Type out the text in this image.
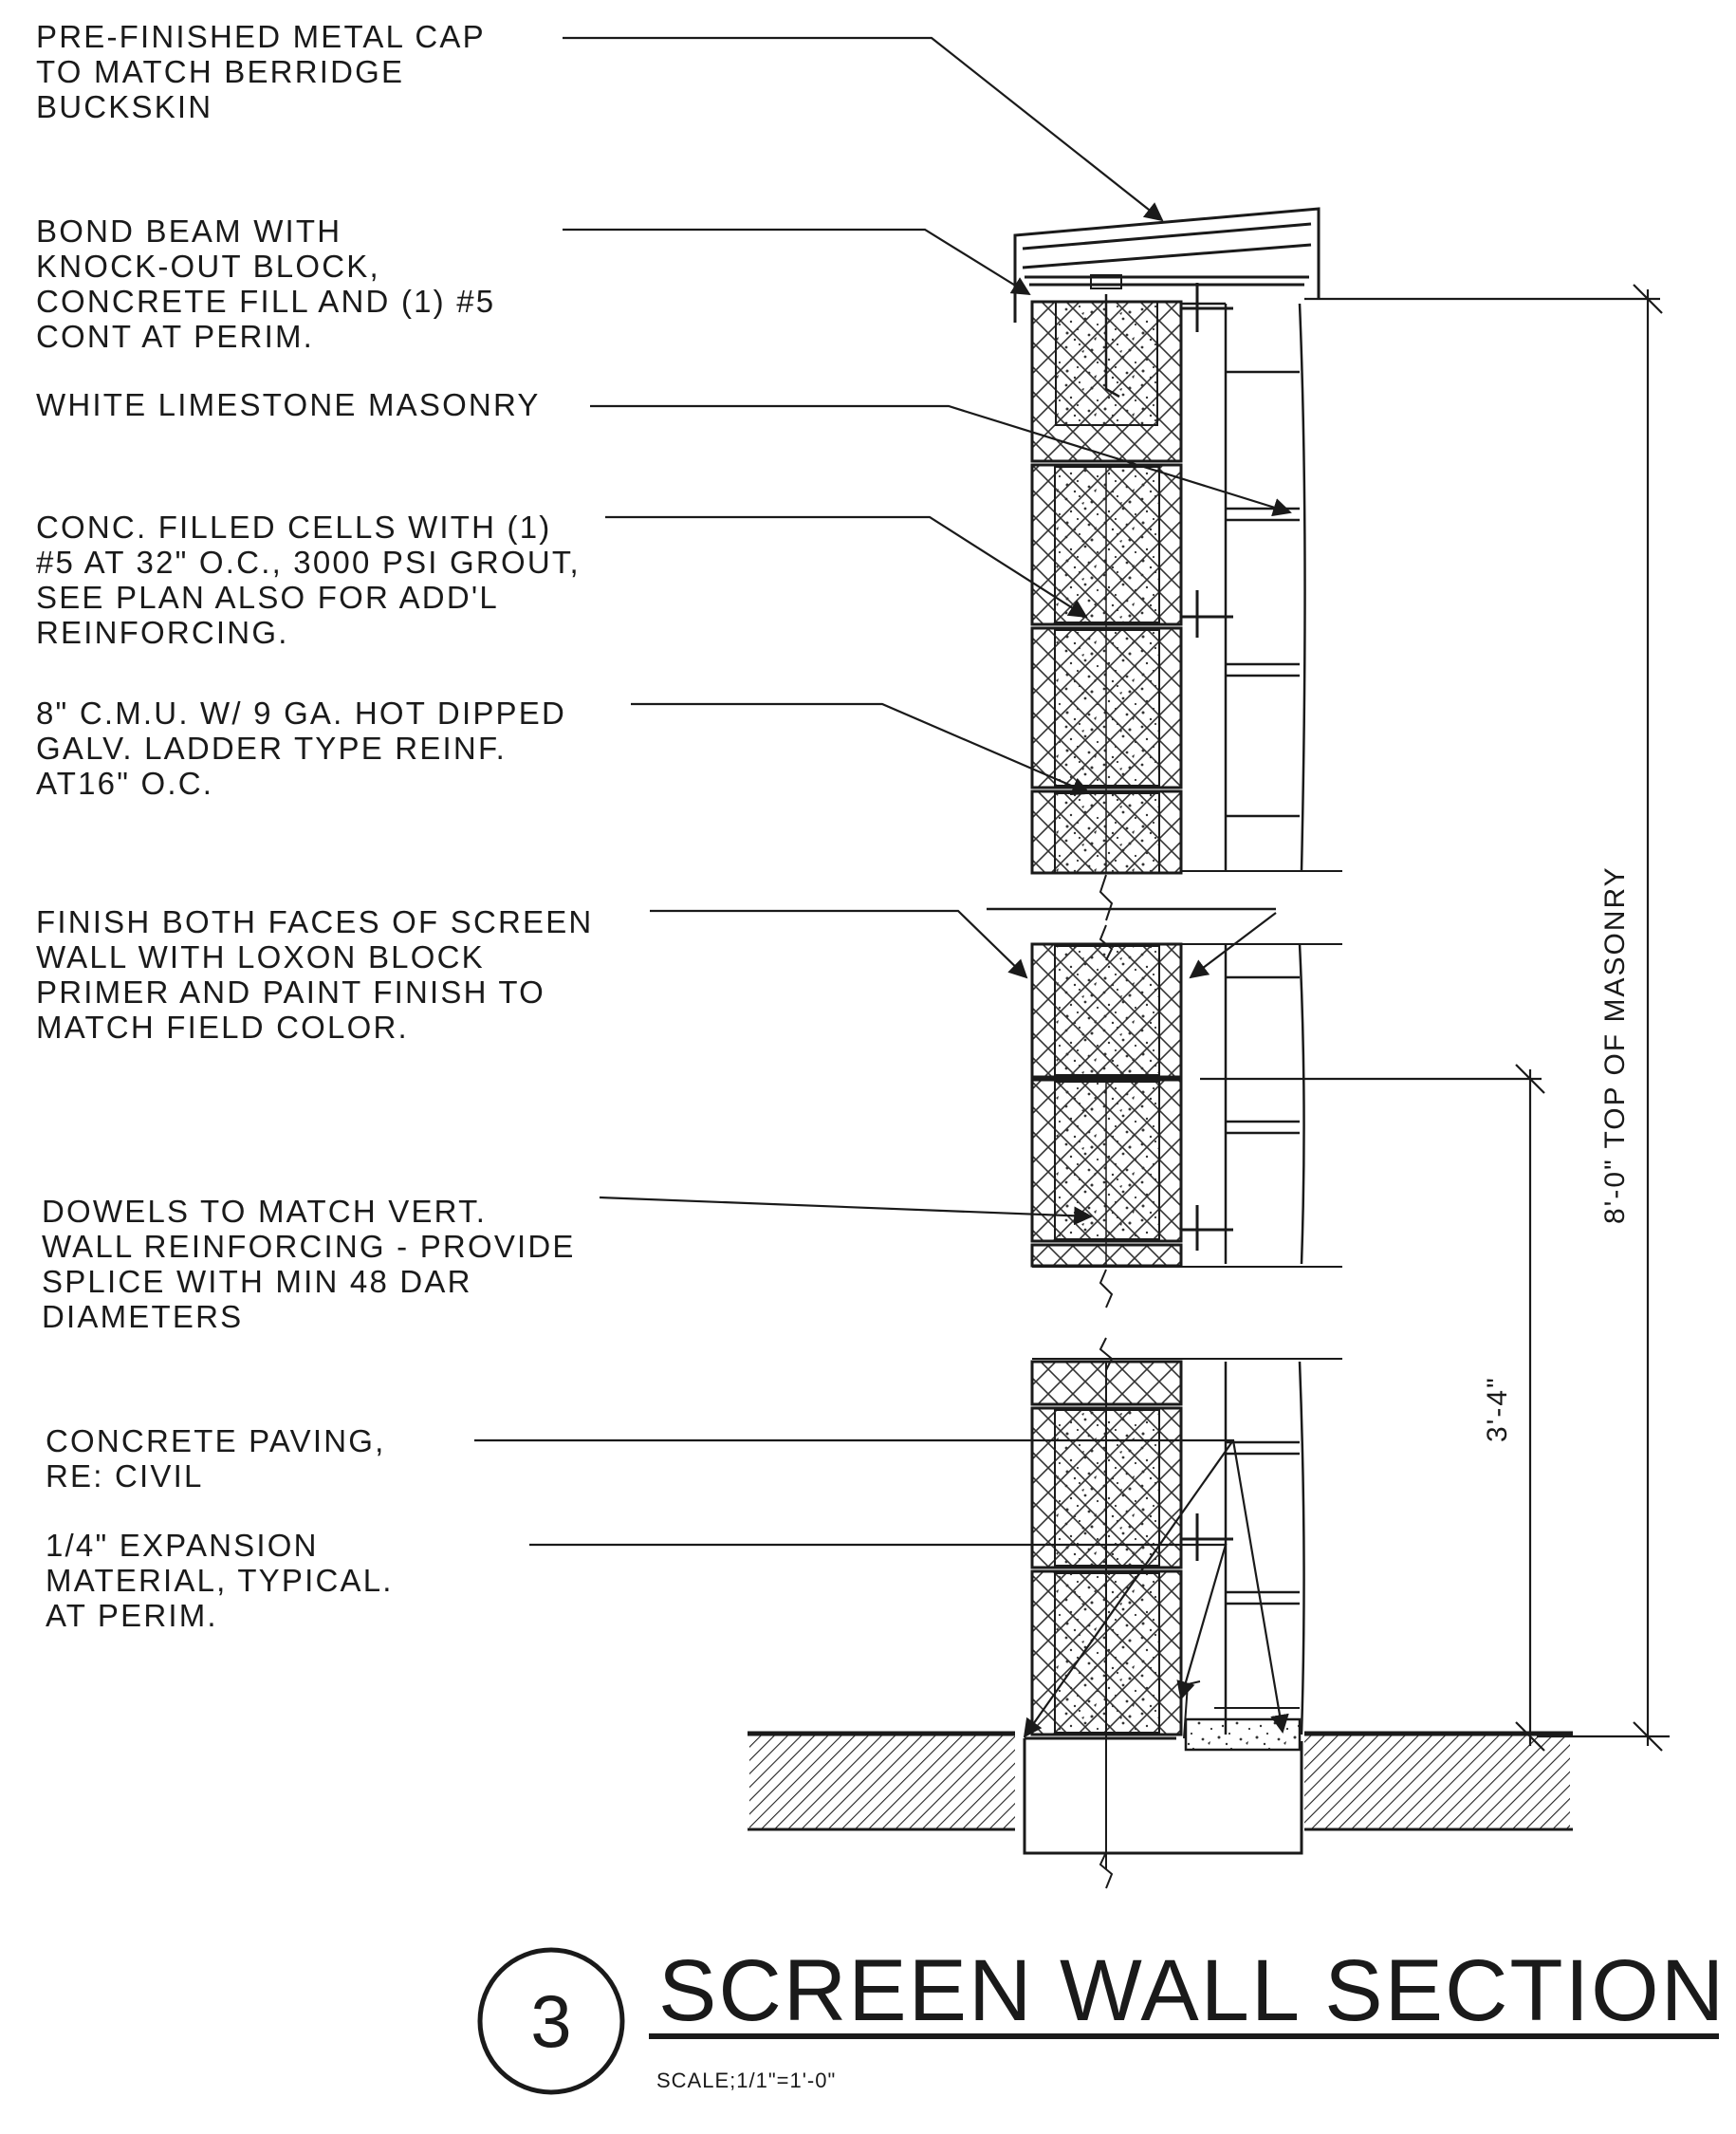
PRE-FINISHED METAL CAP
TO MATCH BERRIDGE
BUCKSKIN
BOND BEAM WITH
KNOCK-OUT BLOCK,
CONCRETE FILL AND (1) #5
CONT AT PERIM.
WHITE LIMESTONE MASONRY
CONC. FILLED CELLS WITH (1)
#5 AT 32" O.C., 3000 PSI GROUT,
SEE PLAN ALSO FOR ADD'L
REINFORCING.
8" C.M.U. W/ 9 GA. HOT DIPPED
GALV. LADDER TYPE REINF.
AT16" O.C.
FINISH BOTH FACES OF SCREEN
WALL WITH LOXON BLOCK
PRIMER AND PAINT FINISH TO
MATCH FIELD COLOR.
DOWELS TO MATCH VERT.
WALL REINFORCING - PROVIDE
SPLICE WITH MIN 48 DAR
DIAMETERS
CONCRETE PAVING,
RE: CIVIL
1/4" EXPANSION
MATERIAL, TYPICAL.
AT PERIM.
8'-0" TOP OF MASONRY
3'-4"
3 SCREEN WALL SECTION
SCALE;1/1"=1'-0"
